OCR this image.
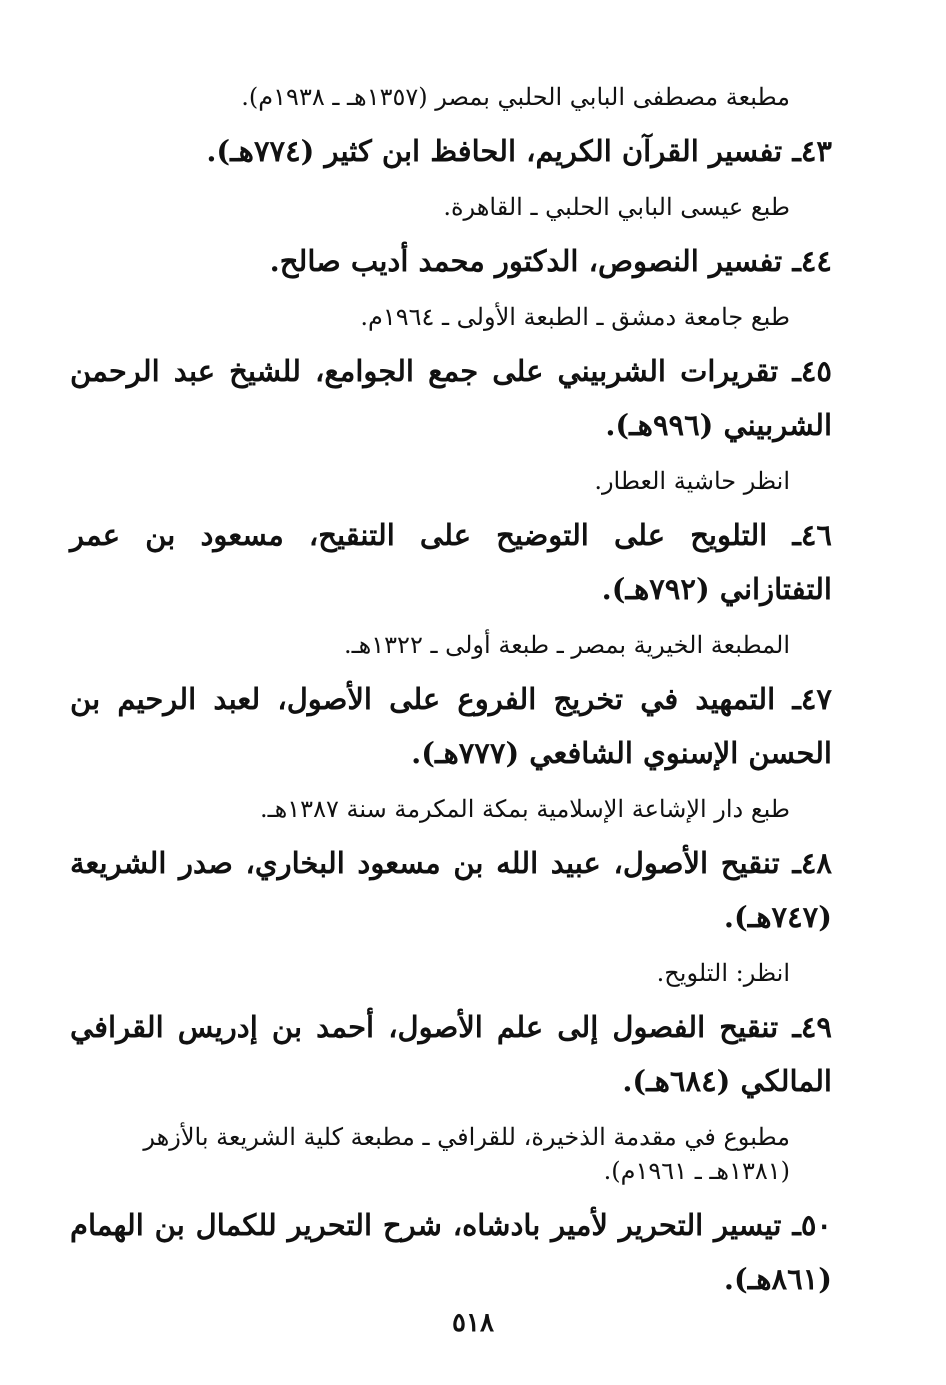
مطبعة مصطفى البابي الحلبي بمصر (١٣٥٧هـ ـ ١٩٣٨م).

٤٣ـ تفسير القرآن الكريم، الحافظ ابن كثير (٧٧٤هـ).

طبع عيسى البابي الحلبي ـ القاهرة.

٤٤ـ تفسير النصوص، الدكتور محمد أديب صالح.

طبع جامعة دمشق ـ الطبعة الأولى ـ ١٩٦٤م.

٤٥ـ تقريرات الشربيني على جمع الجوامع، للشيخ عبد الرحمن الشربيني (٩٩٦هـ).

انظر حاشية العطار.

٤٦ـ التلويح على التوضيح على التنقيح، مسعود بن عمر التفتازاني (٧٩٢هـ).

المطبعة الخيرية بمصر ـ طبعة أولى ـ ١٣٢٢هـ.

٤٧ـ التمهيد في تخريج الفروع على الأصول، لعبد الرحيم بن الحسن الإسنوي الشافعي (٧٧٧هـ).

طبع دار الإشاعة الإسلامية بمكة المكرمة سنة ١٣٨٧هـ.

٤٨ـ تنقيح الأصول، عبيد الله بن مسعود البخاري، صدر الشريعة (٧٤٧هـ).

انظر: التلويح.

٤٩ـ تنقيح الفصول إلى علم الأصول، أحمد بن إدريس القرافي المالكي (٦٨٤هـ).

مطبوع في مقدمة الذخيرة، للقرافي ـ مطبعة كلية الشريعة بالأزهر (١٣٨١هـ ـ ١٩٦١م).

٥٠ـ تيسير التحرير لأمير بادشاه، شرح التحرير للكمال بن الهمام (٨٦١هـ).

٥١٨
